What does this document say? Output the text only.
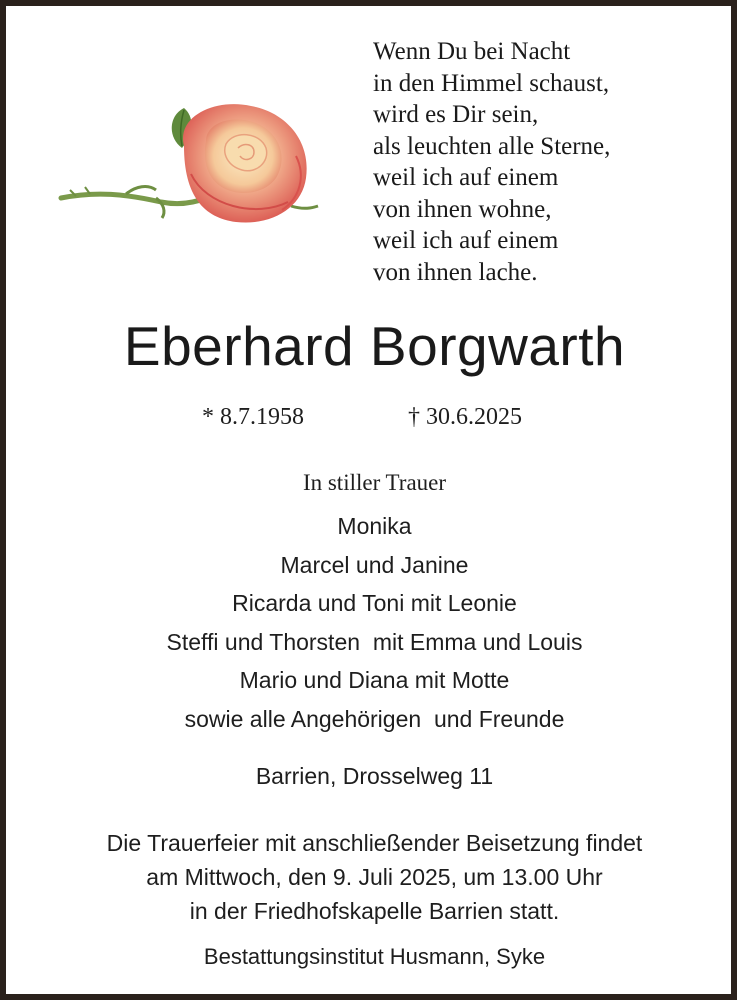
Wenn Du bei Nacht
in den Himmel schaust,
wird es Dir sein,
als leuchten alle Sterne,
weil ich auf einem
von ihnen wohne,
weil ich auf einem
von ihnen lache.
Eberhard Borgwarth
* 8.7.1958	† 30.6.2025
In stiller Trauer
Monika
Marcel und Janine
Ricarda und Toni mit Leonie
Steffi und Thorsten  mit Emma und Louis
Mario und Diana mit Motte
sowie alle Angehörigen  und Freunde
Barrien, Drosselweg 11
Die Trauerfeier mit anschließender Beisetzung findet
am Mittwoch, den 9. Juli 2025, um 13.00 Uhr
in der Friedhofskapelle Barrien statt.
Bestattungsinstitut Husmann, Syke
